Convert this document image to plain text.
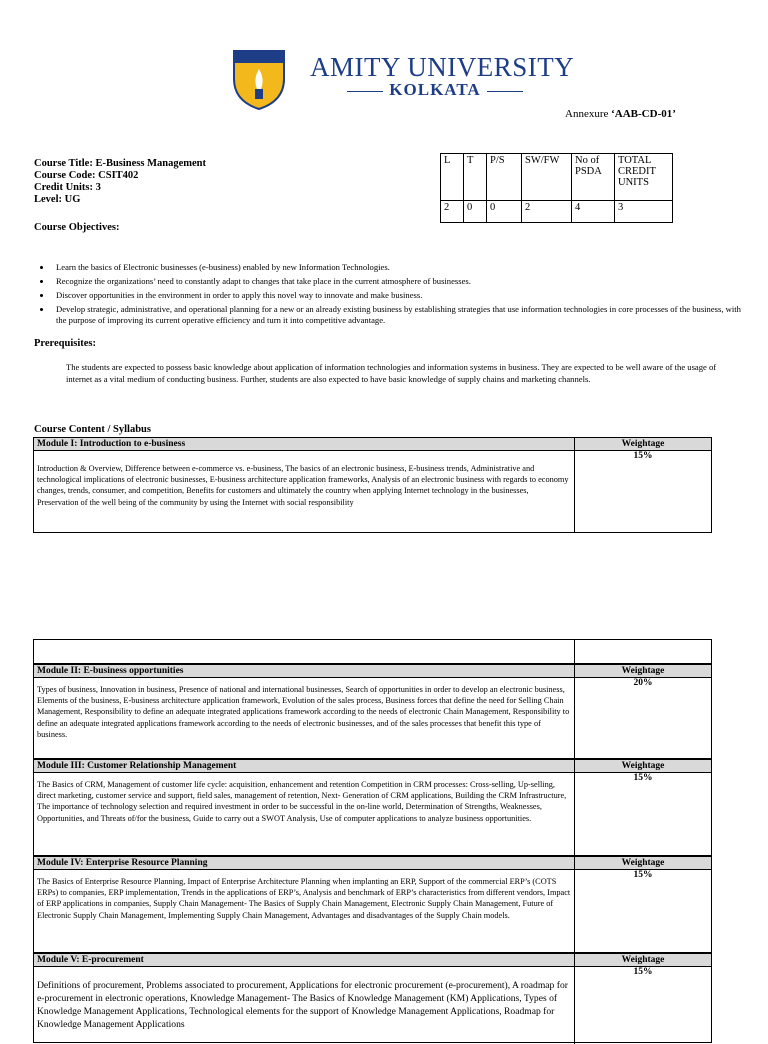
AMITY UNIVERSITY
KOLKATA
Annexure ‘AAB-CD-01’
Course Title: E-Business Management
Course Code: CSIT402
Credit Units: 3
Level: UG
Course Objectives:
L	T	P/S	SW/FW	No of PSDA	TOTAL CREDIT UNITS
2	0	0	2	4	3
• Learn the basics of Electronic businesses (e-business) enabled by new Information Technologies.
• Recognize the organizations’ need to constantly adapt to changes that take place in the current atmosphere of businesses.
• Discover opportunities in the environment in order to apply this novel way to innovate and make business.
• Develop strategic, administrative, and operational planning for a new or an already existing business by establishing strategies that use information technologies in core processes of the business, with the purpose of improving its current operative efficiency and turn it into competitive advantage.
Prerequisites:
The students are expected to possess basic knowledge about application of information technologies and information systems in business. They are expected to be well aware of the usage of internet as a vital medium of conducting business. Further, students are also expected to have basic knowledge of supply chains and marketing channels.
Course Content / Syllabus
Module I: Introduction to e-business	Weightage
Introduction & Overview, Difference between e-commerce vs. e-business, The basics of an electronic business, E-business trends, Administrative and technological implications of electronic businesses, E-business architecture application frameworks, Analysis of an electronic business with regards to economy changes, trends, consumer, and competition, Benefits for customers and ultimately the country when applying Internet technology in the businesses, Preservation of the well being of the community by using the Internet with social responsibility
15%
Module II: E-business opportunities	Weightage
Types of business, Innovation in business, Presence of national and international businesses, Search of opportunities in order to develop an electronic business, Elements of the business, E-business architecture application framework, Evolution of the sales process, Business forces that define the need for Selling Chain Management, Responsibility to define an adequate integrated applications framework according to the needs of electronic Chain Management, Responsibility to define an adequate integrated applications framework according to the needs of electronic businesses, and of the sales processes that benefit this type of business.
20%
Module III: Customer Relationship Management	Weightage
The Basics of CRM, Management of customer life cycle: acquisition, enhancement and retention Competition in CRM processes: Cross-selling, Up-selling, direct marketing, customer service and support, field sales, management of retention, Next- Generation of CRM applications, Building the CRM Infrastructure, The importance of technology selection and required investment in order to be successful in the on-line world, Determination of Strengths, Weaknesses, Opportunities, and Threats of/for the business, Guide to carry out a SWOT Analysis, Use of computer applications to analyze business opportunities.
15%
Module IV: Enterprise Resource Planning	Weightage
The Basics of Enterprise Resource Planning, Impact of Enterprise Architecture Planning when implanting an ERP, Support of the commercial ERP’s (COTS ERPs) to companies, ERP implementation, Trends in the applications of ERP’s, Analysis and benchmark of ERP’s characteristics from different vendors, Impact of ERP applications in companies, Supply Chain Management- The Basics of Supply Chain Management, Electronic Supply Chain Management, Future of Electronic Supply Chain Management, Implementing Supply Chain Management, Advantages and disadvantages of the Supply Chain models.
15%
Module V: E-procurement	Weightage
Definitions of procurement, Problems associated to procurement, Applications for electronic procurement (e-procurement), A roadmap for e-procurement in electronic operations, Knowledge Management- The Basics of Knowledge Management (KM) Applications, Types of Knowledge Management Applications, Technological elements for the support of Knowledge Management Applications, Roadmap for Knowledge Management Applications
15%
